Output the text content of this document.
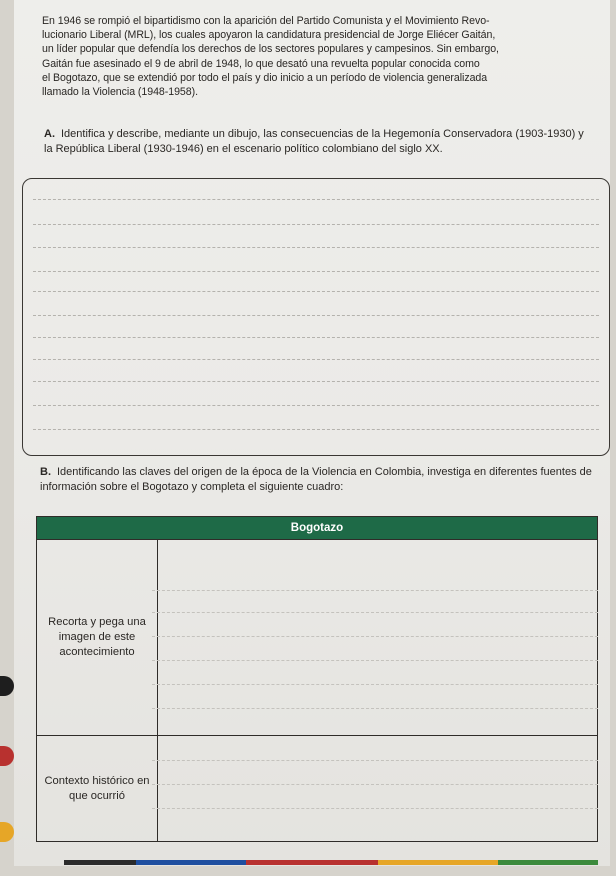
En 1946 se rompió el bipartidismo con la aparición del Partido Comunista y el Movimiento Revo-

lucionario Liberal (MRL), los cuales apoyaron la candidatura presidencial de Jorge Eliécer Gaitán,

un líder popular que defendía los derechos de los sectores populares y campesinos. Sin embargo,

Gaitán fue asesinado el 9 de abril de 1948, lo que desató una revuelta popular conocida como

el Bogotazo, que se extendió por todo el país y dio inicio a un período de violencia generalizada

llamado la Violencia (1948-1958).

A. Identifica y describe, mediante un dibujo, las consecuencias de la Hegemonía Conservadora (1903-1930) y la República Liberal (1930-1946) en el escenario político colombiano del siglo XX.
B. Identificando las claves del origen de la época de la Violencia en Colombia, investiga en diferentes fuentes de información sobre el Bogotazo y completa el siguiente cuadro:
Bogotazo	
Recorta y pega una imagen de este acontecimiento	
Contexto histórico en que ocurrió	
